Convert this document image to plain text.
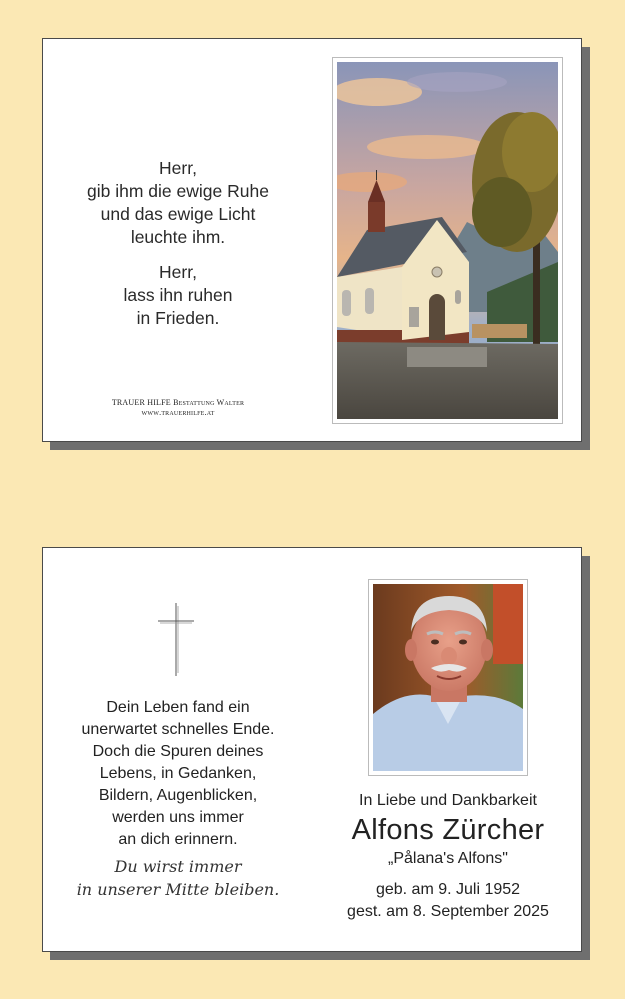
Herr,
gib ihm die ewige Ruhe
und das ewige Licht
leuchte ihm.
Herr,
lass ihn ruhen
in Frieden.
TRAUER HILFE Bestattung Walter
www.trauerhilfe.at
Dein Leben fand ein
unerwartet schnelles Ende.
Doch die Spuren deines
Lebens, in Gedanken,
Bildern, Augenblicken,
werden uns immer
an dich erinnern.
Du wirst immer
in unserer Mitte bleiben.
In Liebe und Dankbarkeit
Alfons Zürcher
„Pålana's Alfons"
geb. am 9. Juli 1952
gest. am 8. September 2025
